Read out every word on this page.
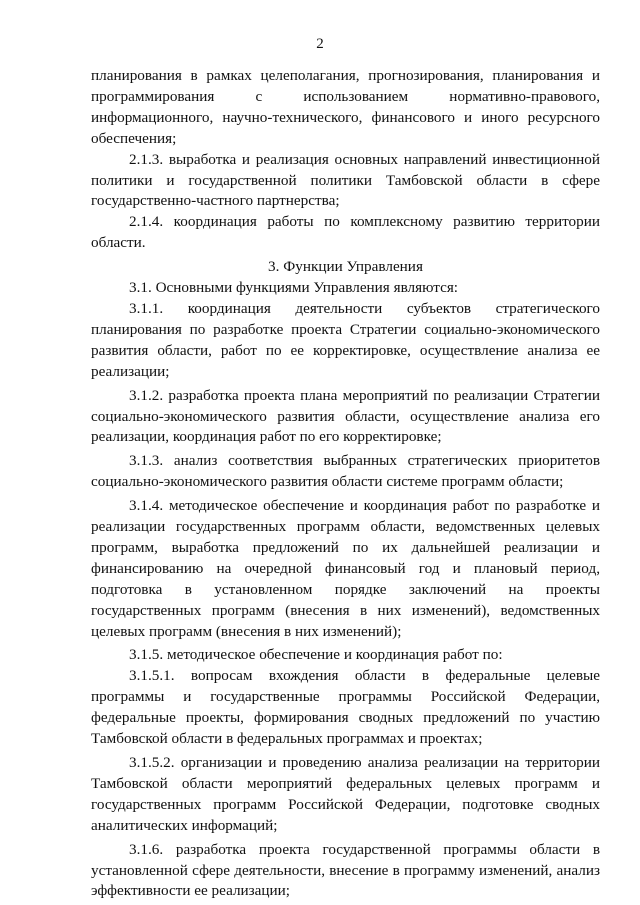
2

планирования в рамках целеполагания, прогнозирования, планирования и программирования с использованием нормативно-правового, информационного, научно-технического, финансового и иного ресурсного обеспечения;

2.1.3. выработка и реализация основных направлений инвестиционной политики и государственной политики Тамбовской области в сфере государственно-частного партнерства;

2.1.4. координация работы по комплексному развитию территории области.

3. Функции Управления

3.1. Основными функциями Управления являются:

3.1.1. координация деятельности субъектов стратегического планирования по разработке проекта Стратегии социально-экономического развития области, работ по ее корректировке, осуществление анализа ее реализации;

3.1.2. разработка проекта плана мероприятий по реализации Стратегии социально-экономического развития области, осуществление анализа его реализации, координация работ по его корректировке;

3.1.3. анализ соответствия выбранных стратегических приоритетов социально-экономического развития области системе программ области;

3.1.4. методическое обеспечение и координация работ по разработке и реализации государственных программ области, ведомственных целевых программ, выработка предложений по их дальнейшей реализации и финансированию на очередной финансовый год и плановый период, подготовка в установленном порядке заключений на проекты государственных программ (внесения в них изменений), ведомственных целевых программ (внесения в них изменений);

3.1.5. методическое обеспечение и координация работ по:

3.1.5.1. вопросам вхождения области в федеральные целевые программы и государственные программы Российской Федерации, федеральные проекты, формирования сводных предложений по участию Тамбовской области в федеральных программах и проектах;

3.1.5.2. организации и проведению анализа реализации на территории Тамбовской области мероприятий федеральных целевых программ и государственных программ Российской Федерации, подготовке сводных аналитических информаций;

3.1.6. разработка проекта государственной программы области в установленной сфере деятельности, внесение в программу изменений, анализ эффективности ее реализации;
